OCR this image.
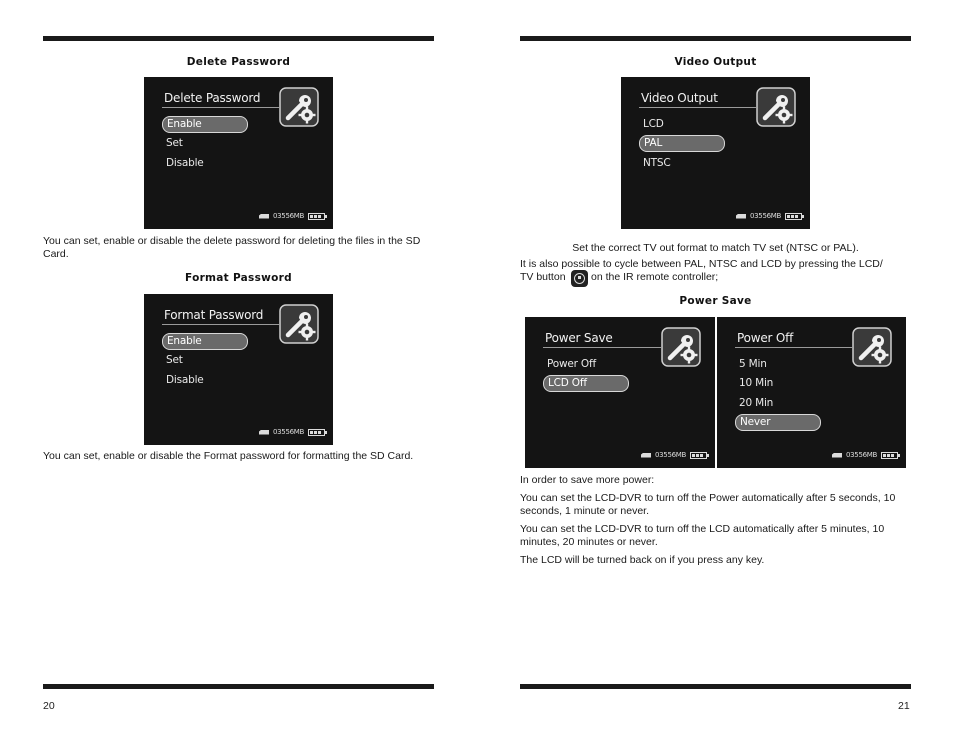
Delete Password
Delete Password
Enable
Set
Disable
03556MB
You can set, enable or disable the delete password for deleting the files in the SD Card.
Format Password
Format Password
Enable
Set
Disable
03556MB
You can set, enable or disable the Format password for formatting the SD Card.
20
Video Output
Video Output
LCD
PAL
NTSC
03556MB
Set the correct TV out format to match TV set (NTSC or PAL).
It is also possible to cycle between PAL, NTSC and LCD by pressing the LCD/
TV button on the IR remote controller;
Power Save
Power Save
Power Off
LCD Off
03556MB
Power Off
5 Min
10 Min
20 Min
Never
03556MB
In order to save more power:
You can set the LCD-DVR to turn off the Power automatically after 5 seconds, 10 seconds, 1 minute or never.
You can set the LCD-DVR to turn off the LCD automatically after 5 minutes, 10 minutes, 20 minutes or never.
The LCD will be turned back on if you press any key.
21
